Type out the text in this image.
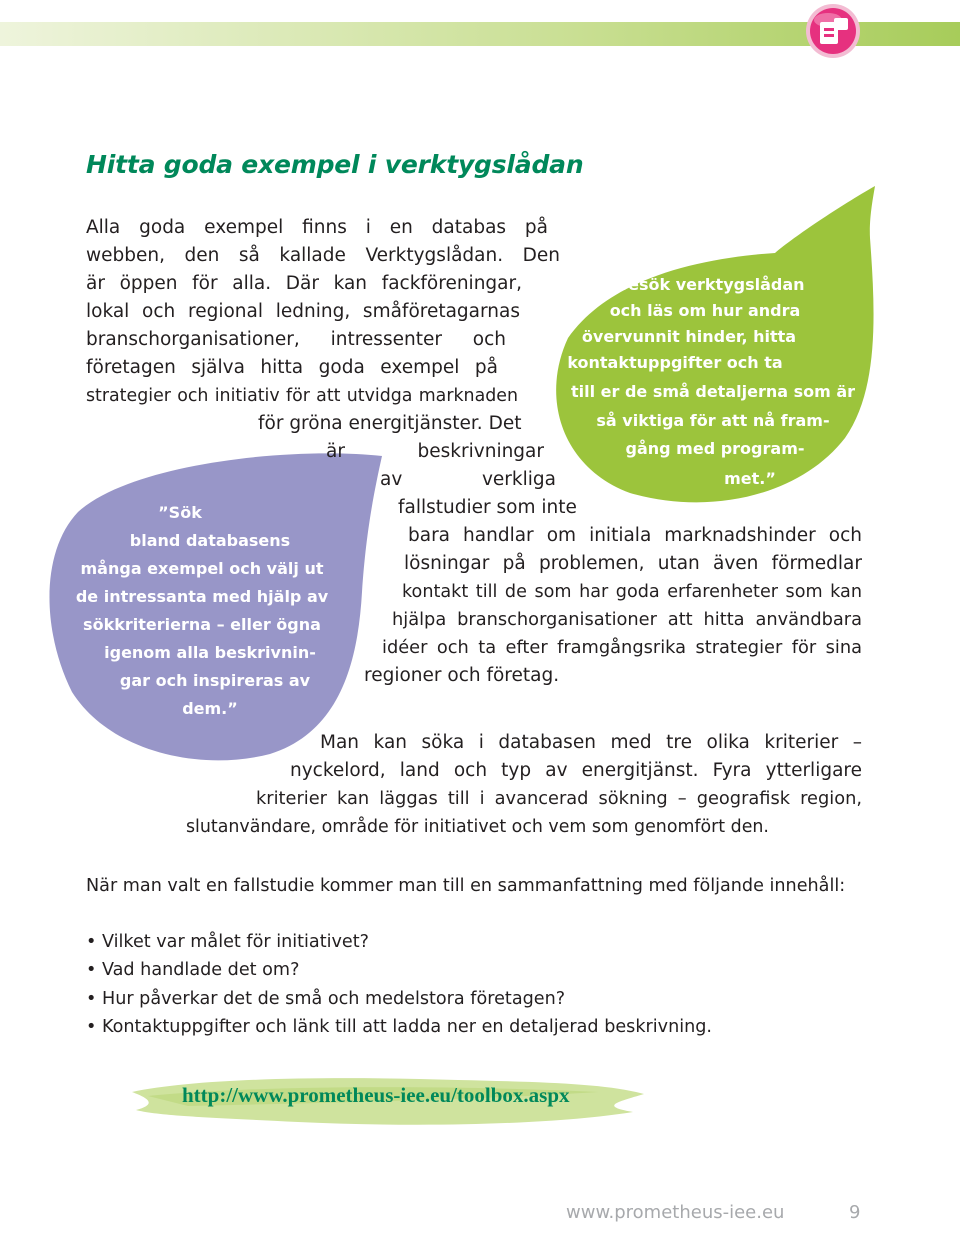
Hitta goda exempel i verktygslådan
Alla goda exempel finns i en databas på
webben, den så kallade Verktygslådan. Den
är öppen för alla. Där kan fackföreningar,
lokal och regional ledning, småföretagarnas
branschorganisationer, intressenter och
företagen själva hitta goda exempel på
strategier och initiativ för att utvidga marknaden
för gröna energitjänster. Det
är beskrivningar
av verkliga
fallstudier som inte
bara handlar om initiala marknadshinder och
lösningar på problemen, utan även förmedlar
kontakt till de som har goda erfarenheter som kan
hjälpa branschorganisationer att hitta användbara
idéer och ta efter framgångsrika strategier för sina
regioner och företag.
”Besök verktygslådan
och läs om hur andra
övervunnit hinder, hitta
kontaktuppgifter och ta
till er de små detaljerna som är
så viktiga för att nå fram-
gång med program-
met.”
”Sök
bland databasens
många exempel och välj ut
de intressanta med hjälp av
sökkriterierna – eller ögna
igenom alla beskrivnin-
gar och inspireras av
dem.”
Man kan söka i databasen med tre olika kriterier –
nyckelord, land och typ av energitjänst. Fyra ytterligare
kriterier kan läggas till i avancerad sökning – geografisk region,
slutanvändare, område för initiativet och vem som genomfört den.
När man valt en fallstudie kommer man till en sammanfattning med följande innehåll:
• Vilket var målet för initiativet?
• Vad handlade det om?
• Hur påverkar det de små och medelstora företagen?
• Kontaktuppgifter och länk till att ladda ner en detaljerad beskrivning.
http://www.prometheus-iee.eu/toolbox.aspx
www.prometheus-iee.eu	9
